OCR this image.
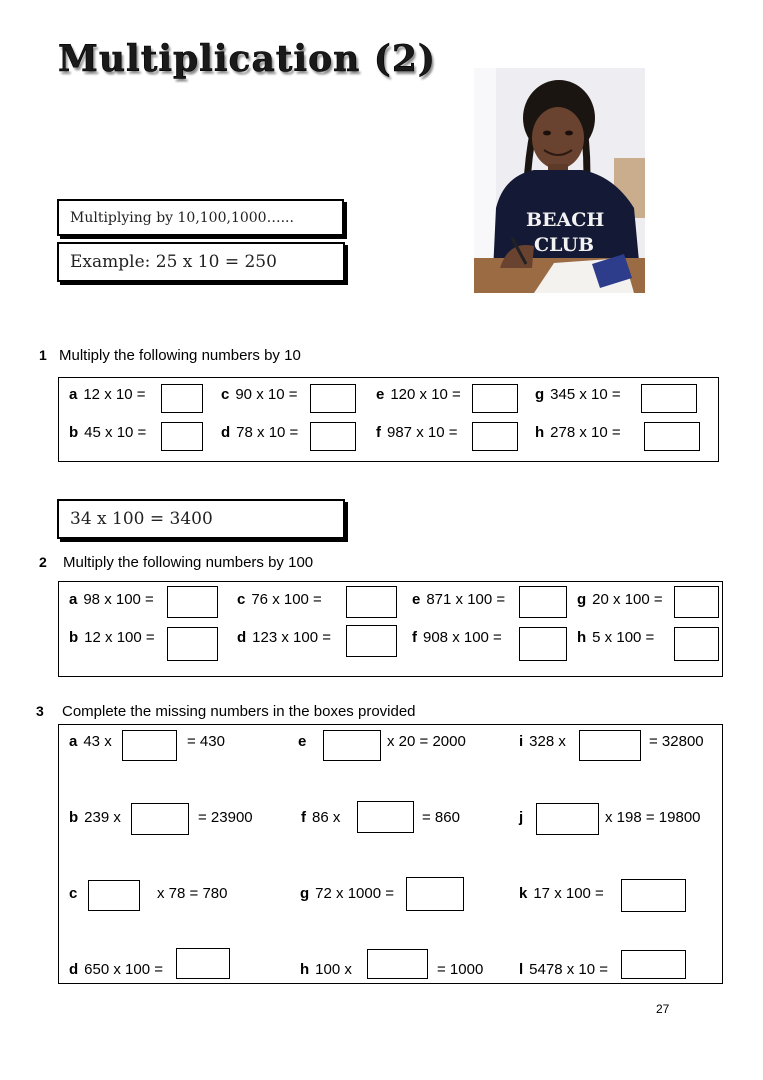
Multiplication (2)
BEACH
CLUB
Multiplying by 10,100,1000…...
Example: 25 x 10 = 250
1 Multiply the following numbers by 10
a 12 x 10 =
b 45 x 10 =
c 90 x 10 =
d 78 x 10 =
e 120 x 10 =
f 987 x 10 =
g 345 x 10 =
h 278 x 10 =
34 x 100 = 3400
2 Multiply the following numbers by 100
a 98 x 100 =
b 12 x 100 =
c 76 x 100 =
d 123 x 100 =
e 871 x 100 =
f 908 x 100 =
g 20 x 100 =
h 5 x 100 =
3 Complete the missing numbers in the boxes provided
a 43 x	= 430
b 239 x	= 23900
c	x 78 = 780
d 650 x 100 =
e	x 20 = 2000
f 86 x	= 860
g 72 x 1000 =
h 100 x	= 1000
i 328 x	= 32800
j	x 198 = 19800
k 17 x 100 =
l 5478 x 10 =
27
